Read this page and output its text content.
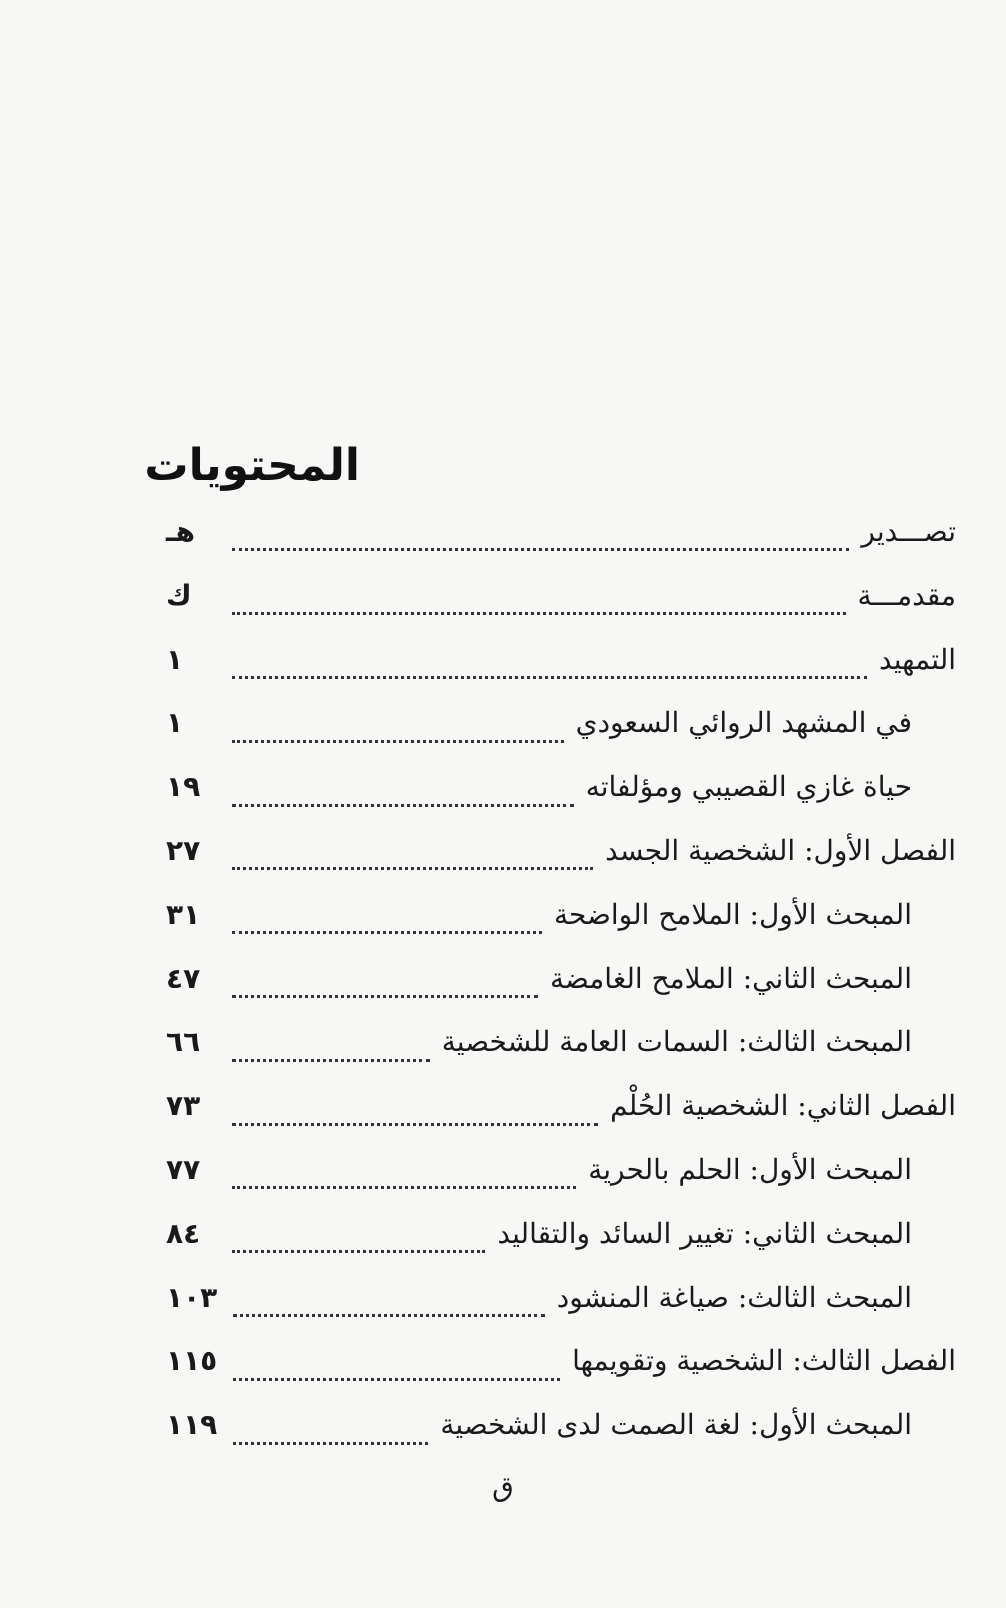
المحتويات
تصـــدير
هـ
مقدمـــة
ك
التمهيد
١
في المشهد الروائي السعودي
١
حياة غازي القصيبي ومؤلفاته
١٩
الفصل الأول: الشخصية الجسد
٢٧
المبحث الأول: الملامح الواضحة
٣١
المبحث الثاني: الملامح الغامضة
٤٧
المبحث الثالث: السمات العامة للشخصية
٦٦
الفصل الثاني: الشخصية الحُلْم
٧٣
المبحث الأول: الحلم بالحرية
٧٧
المبحث الثاني: تغيير السائد والتقاليد
٨٤
المبحث الثالث: صياغة المنشود
١٠٣
الفصل الثالث: الشخصية وتقويمها
١١٥
المبحث الأول: لغة الصمت لدى الشخصية
١١٩
ق
